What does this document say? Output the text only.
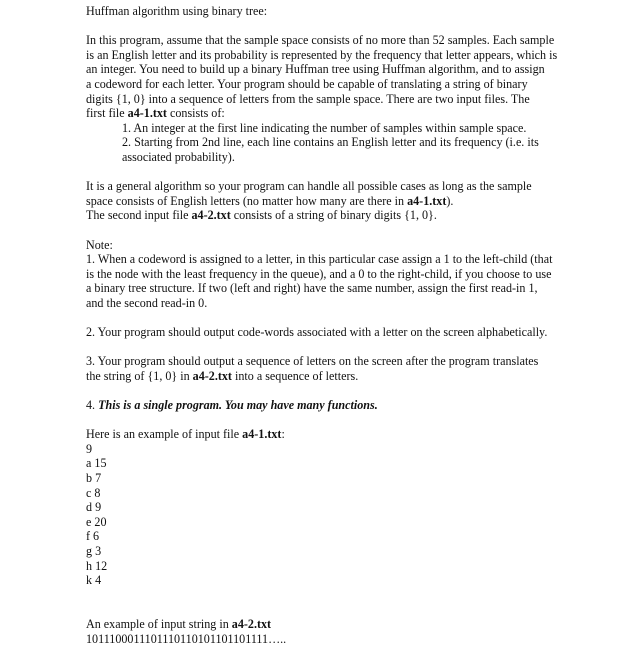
Huffman algorithm using binary tree:

In this program, assume that the sample space consists of no more than 52 samples. Each sample

is an English letter and its probability is represented by the frequency that letter appears, which is

an integer. You need to build up a binary Huffman tree using Huffman algorithm, and to assign

a codeword for each letter. Your program should be capable of translating a string of binary

digits {1, 0} into a sequence of letters from the sample space. There are two input files. The

first file a4-1.txt consists of:

1. An integer at the first line indicating the number of samples within sample space.

2. Starting from 2nd line, each line contains an English letter and its frequency (i.e. its

associated probability).

It is a general algorithm so your program can handle all possible cases as long as the sample

space consists of English letters (no matter how many are there in a4-1.txt).

The second input file a4-2.txt consists of a string of binary digits {1, 0}.

Note:

1. When a codeword is assigned to a letter, in this particular case assign a 1 to the left-child (that

is the node with the least frequency in the queue), and a 0 to the right-child, if you choose to use

a binary tree structure. If two (left and right) have the same number, assign the first read-in 1,

and the second read-in 0.

2. Your program should output code-words associated with a letter on the screen alphabetically.

3. Your program should output a sequence of letters on the screen after the program translates

the string of {1, 0} in a4-2.txt into a sequence of letters.

4. This is a single program. You may have many functions.

Here is an example of input file a4-1.txt:

9

a 15

b 7

c 8

d 9

e 20

f 6

g 3

h 12

k 4

An example of input string in a4-2.txt

1011100011101110110101101101111…..
